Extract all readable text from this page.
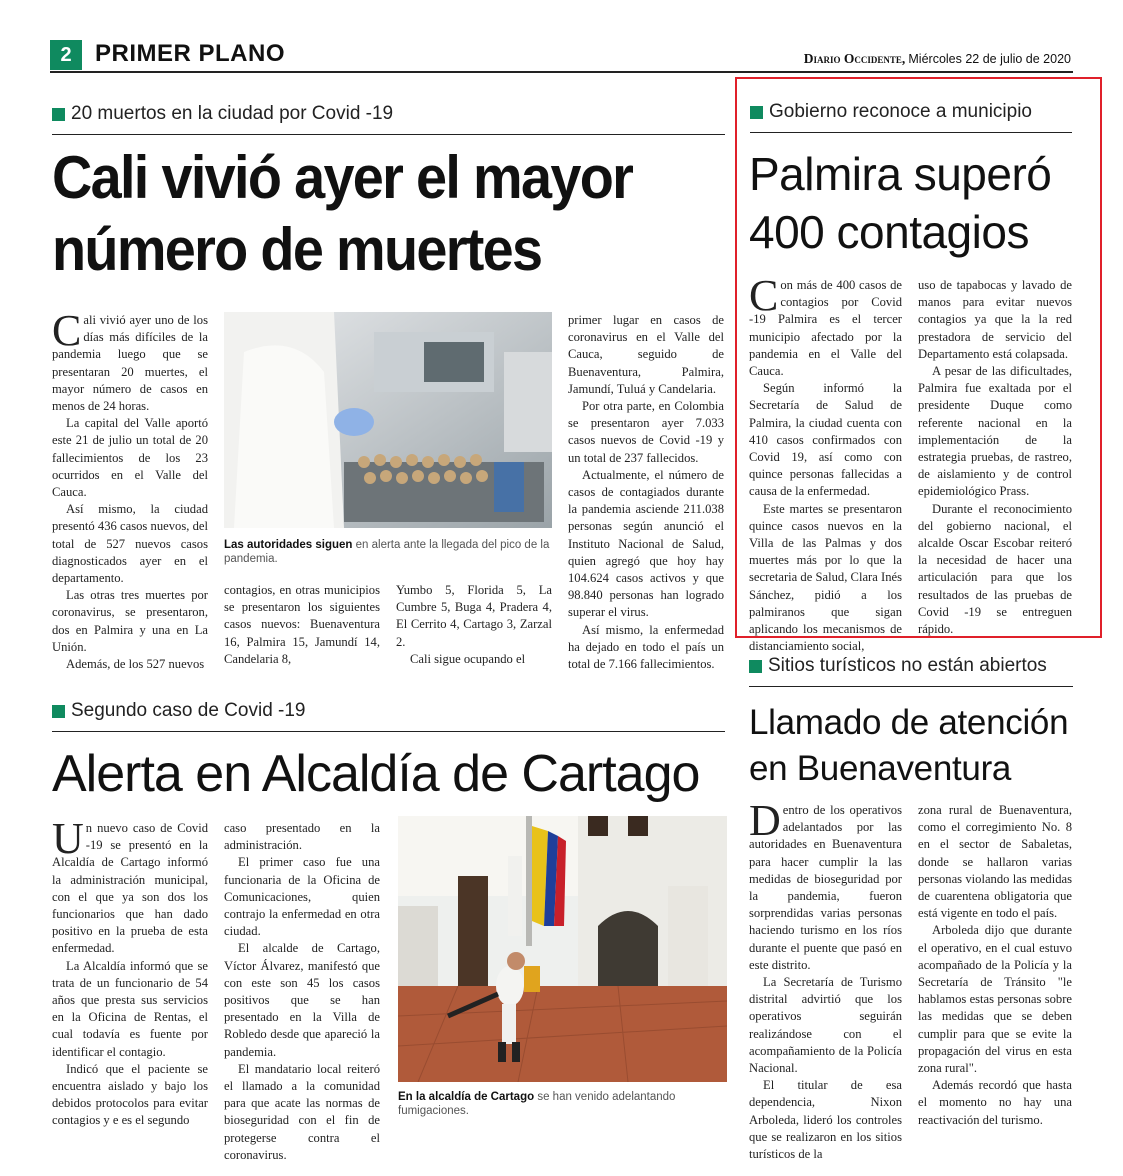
2 PRIMER PLANO	Diario Occidente, Miércoles 22 de julio de 2020
20 muertos en la ciudad por Covid -19
Cali vivió ayer el mayor
número de muertes

Cali vivió ayer uno de los días más difíciles de la pandemia luego que se presentaran 20 muertes, el mayor número de casos en menos de 24 horas.

La capital del Valle aportó este 21 de julio un total de 20 fallecimientos de los 23 ocurridos en el Valle del Cauca.

Así mismo, la ciudad presentó 436 casos nuevos, del total de 527 nuevos casos diagnosticados ayer en el departamento.

Las otras tres muertes por coronavirus, se presentaron, dos en Palmira y una en La Unión.

Además, de los 527 nuevos

Las autoridades siguen en alerta ante la llegada del pico de la pandemia.

contagios, en otras municipios se presentaron los siguientes casos nuevos: Buenaventura 16, Palmira 15, Jamundí 14, Candelaria 8,

Yumbo 5, Florida 5, La Cumbre 5, Buga 4, Pradera 4, El Cerrito 4, Cartago 3, Zarzal 2.

Cali sigue ocupando el

primer lugar en casos de coronavirus en el Valle del Cauca, seguido de Buenaventura, Palmira, Jamundí, Tuluá y Candelaria.

Por otra parte, en Colombia se presentaron ayer 7.033 casos nuevos de Covid -19 y un total de 237 fallecidos.

Actualmente, el número de casos de contagiados durante la pandemia asciende 211.038 personas según anunció el Instituto Nacional de Salud, quien agregó que hoy hay 104.624 casos activos y que 98.840 personas han logrado superar el virus.

Así mismo, la enfermedad ha dejado en todo el país un total de 7.166 fallecimientos.

Gobierno reconoce a municipio
Palmira superó
400 contagios

Con más de 400 casos de contagios por Covid -19 Palmira es el tercer municipio afectado por la pandemia en el Valle del Cauca.

Según informó la Secretaría de Salud de Palmira, la ciudad cuenta con 410 casos confirmados con Covid 19, así como con quince personas fallecidas a causa de la enfermedad.

Este martes se presentaron quince casos nuevos en la Villa de las Palmas y dos muertes más por lo que la secretaria de Salud, Clara Inés Sánchez, pidió a los palmiranos que sigan aplicando los mecanismos de distanciamiento social,

uso de tapabocas y lavado de manos para evitar nuevos contagios ya que la la red prestadora de servicio del Departamento está colapsada.

A pesar de las dificultades, Palmira fue exaltada por el presidente Duque como referente nacional en la implementación de la estrategia pruebas, de rastreo, de aislamiento y de control epidemiológico Prass.

Durante el reconocimiento del gobierno nacional, el alcalde Oscar Escobar reiteró la necesidad de hacer una articulación para que los resultados de las pruebas de Covid -19 se entreguen rápido.

Segundo caso de Covid -19
Alerta en Alcaldía de Cartago

Un nuevo caso de Covid -19 se presentó en la Alcaldía de Cartago informó la administración municipal, con el que ya son dos los funcionarios que han dado positivo en la prueba de esta enfermedad.

La Alcaldía informó que se trata de un funcionario de 54 años que presta sus servicios en la Oficina de Rentas, el cual todavía es fuente por identificar el contagio.

Indicó que el paciente se encuentra aislado y bajo los debidos protocolos para evitar contagios y e es el segundo

caso presentado en la administración.

El primer caso fue una funcionaria de la Oficina de Comunicaciones, quien contrajo la enfermedad en otra ciudad.

El alcalde de Cartago, Víctor Álvarez, manifestó que con este son 45 los casos positivos que se han presentado en la Villa de Robledo desde que apareció la pandemia.

El mandatario local reiteró el llamado a la comunidad para que acate las normas de bioseguridad con el fin de protegerse contra el coronavirus.

En la alcaldía de Cartago se han venido adelantando fumigaciones.
Sitios turísticos no están abiertos
Llamado de atención
en Buenaventura

Dentro de los operativos adelantados por las autoridades en Buenaventura para hacer cumplir la las medidas de bioseguridad por la pandemia, fueron sorprendidas varias personas haciendo turismo en los ríos durante el puente que pasó en este distrito.

La Secretaría de Turismo distrital advirtió que los operativos seguirán realizándose con el acompañamiento de la Policía Nacional.

El titular de esa dependencia, Nixon Arboleda, lideró los controles que se realizaron en los sitios turísticos de la

zona rural de Buenaventura, como el corregimiento No. 8 en el sector de Sabaletas, donde se hallaron varias personas violando las medidas de cuarentena obligatoria que está vigente en todo el país.

Arboleda dijo que durante el operativo, en el cual estuvo acompañado de la Policía y la Secretaría de Tránsito "le hablamos estas personas sobre las medidas que se deben cumplir para que se evite la propagación del virus en esta zona rural".

Además recordó que hasta el momento no hay una reactivación del turismo.
